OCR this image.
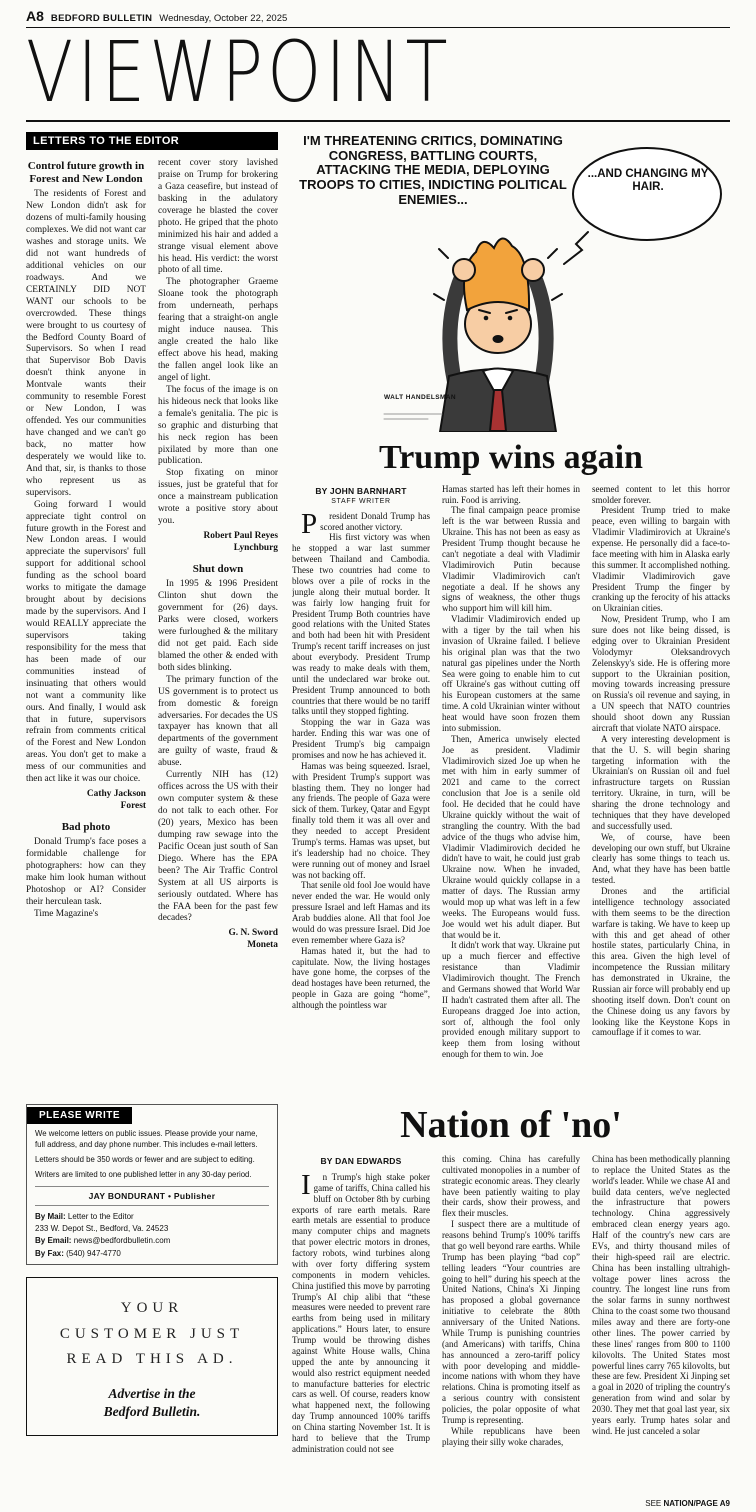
A8 BEDFORD BULLETIN Wednesday, October 22, 2025
VIEWPOINT
LETTERS TO THE EDITOR
Control future growth in Forest and New London

The residents of Forest and New London didn't ask for dozens of multi-family housing complexes. We did not want car washes and storage units. We did not want hundreds of additional vehicles on our roadways. And we CERTAINLY DID NOT WANT our schools to be overcrowded. These things were brought to us courtesy of the Bedford County Board of Supervisors. So when I read that Supervisor Bob Davis doesn't think anyone in Montvale wants their community to resemble Forest or New London, I was offended. Yes our communities have changed and we can't go back, no matter how desperately we would like to. And that, sir, is thanks to those who represent us as supervisors.

Going forward I would appreciate tight control on future growth in the Forest and New London areas. I would appreciate the supervisors' full support for additional school funding as the school board works to mitigate the damage brought about by decisions made by the supervisors. And I would REALLY appreciate the supervisors taking responsibility for the mess that has been made of our communities instead of insinuating that others would not want a community like ours. And finally, I would ask that in future, supervisors refrain from comments critical of the Forest and New London areas. You don't get to make a mess of our communities and then act like it was our choice.

Cathy Jackson
Forest
Bad photo

Donald Trump's face poses a formidable challenge for photographers: how can they make him look human without Photoshop or AI? Consider their herculean task.

Time Magazine's

recent cover story lavished praise on Trump for brokering a Gaza ceasefire, but instead of basking in the adulatory coverage he blasted the cover photo. He griped that the photo minimized his hair and added a strange visual element above his head. His verdict: the worst photo of all time.

The photographer Graeme Sloane took the photograph from underneath, perhaps fearing that a straight-on angle might induce nausea. This angle created the halo like effect above his head, making the fallen angel look like an angel of light.

The focus of the image is on his hideous neck that looks like a female's genitalia. The pic is so graphic and disturbing that his neck region has been pixilated by more than one publication.

Stop fixating on minor issues, just be grateful that for once a mainstream publication wrote a positive story about you.

Robert Paul Reyes
Lynchburg
Shut down

In 1995 & 1996 President Clinton shut down the government for (26) days. Parks were closed, workers were furloughed & the military did not get paid. Each side blamed the other & ended with both sides blinking.

The primary function of the US government is to protect us from domestic & foreign adversaries. For decades the US taxpayer has known that all departments of the government are guilty of waste, fraud & abuse.

Currently NIH has (12) offices across the US with their own computer system & these do not talk to each other. For (20) years, Mexico has been dumping raw sewage into the Pacific Ocean just south of San Diego. Where has the EPA been? The Air Traffic Control System at all US airports is seriously outdated. Where has the FAA been for the past few decades?

G. N. Sword
Moneta
I'M THREATENING CRITICS, DOMINATING CONGRESS, BATTLING COURTS, ATTACKING THE MEDIA, DEPLOYING TROOPS TO CITIES, INDICTING POLITICAL ENEMIES...
...AND CHANGING MY HAIR.
WALT HANDELSMAN
Trump wins again
BY JOHN BARNHART
STAFF WRITER

President Donald Trump has scored another victory.

His first victory was when he stopped a war last summer between Thailand and Cambodia. These two countries had come to blows over a pile of rocks in the jungle along their mutual border. It was fairly low hanging fruit for President Trump Both countries have good relations with the United States and both had been hit with President Trump's recent tariff increases on just about everybody. President Trump was ready to make deals with them, until the undeclared war broke out. President Trump announced to both countries that there would be no tariff talks until they stopped fighting.

Stopping the war in Gaza was harder. Ending this war was one of President Trump's big campaign promises and now he has achieved it.

Hamas was being squeezed. Israel, with President Trump's support was blasting them. They no longer had any friends. The people of Gaza were sick of them. Turkey, Qatar and Egypt finally told them it was all over and they needed to accept President Trump's terms. Hamas was upset, but it's leadership had no choice. They were running out of money and Israel was not backing off.

That senile old fool Joe would have never ended the war. He would only pressure Israel and left Hamas and its Arab buddies alone. All that fool Joe would do was pressure Israel. Did Joe even remember where Gaza is?

Hamas hated it, but the had to capitulate. Now, the living hostages have gone home, the corpses of the dead hostages have been returned, the people in Gaza are going “home”, although the pointless war

Hamas started has left their homes in ruin. Food is arriving.

The final campaign peace promise left is the war between Russia and Ukraine. This has not been as easy as President Trump thought because he can't negotiate a deal with Vladimir Vladimirovich Putin because Vladimir Vladimirovich can't negotiate a deal. If he shows any signs of weakness, the other thugs who support him will kill him.

Vladimir Vladimirovich ended up with a tiger by the tail when his invasion of Ukraine failed. I believe his original plan was that the two natural gas pipelines under the North Sea were going to enable him to cut off Ukraine's gas without cutting off his European customers at the same time. A cold Ukrainian winter without heat would have soon frozen them into submission.

Then, America unwisely elected Joe as president. Vladimir Vladimirovich sized Joe up when he met with him in early summer of 2021 and came to the correct conclusion that Joe is a senile old fool. He decided that he could have Ukraine quickly without the wait of strangling the country. With the bad advice of the thugs who advise him, Vladimir Vladimirovich decided he didn't have to wait, he could just grab Ukraine now. When he invaded, Ukraine would quickly collapse in a matter of days. The Russian army would mop up what was left in a few weeks. The Europeans would fuss. Joe would wet his adult diaper. But that would be it.

It didn't work that way. Ukraine put up a much fiercer and effective resistance than Vladimir Vladimirovich thought. The French and Germans showed that World War II hadn't castrated them after all. The Europeans dragged Joe into action, sort of, although the fool only provided enough military support to keep them from losing without enough for them to win. Joe

seemed content to let this horror smolder forever.

President Trump tried to make peace, even willing to bargain with Vladimir Vladimirovich at Ukraine's expense. He personally did a face-to-face meeting with him in Alaska early this summer. It accomplished nothing. Vladimir Vladimirovich gave President Trump the finger by cranking up the ferocity of his attacks on Ukrainian cities.

Now, President Trump, who I am sure does not like being dissed, is edging over to Ukrainian President Volodymyr Oleksandrovych Zelenskyy's side. He is offering more support to the Ukrainian position, moving towards increasing pressure on Russia's oil revenue and saying, in a UN speech that NATO countries should shoot down any Russian aircraft that violate NATO airspace.

A very interesting development is that the U. S. will begin sharing targeting information with the Ukrainian's on Russian oil and fuel infrastructure targets on Russian territory. Ukraine, in turn, will be sharing the drone technology and techniques that they have developed and successfully used.

We, of course, have been developing our own stuff, but Ukraine clearly has some things to teach us. And, what they have has been battle tested.

Drones and the artificial intelligence technology associated with them seems to be the direction warfare is taking. We have to keep up with this and get ahead of other hostile states, particularly China, in this area. Given the high level of incompetence the Russian military has demonstrated in Ukraine, the Russian air force will probably end up shooting itself down. Don't count on the Chinese doing us any favors by looking like the Keystone Kops in camouflage if it comes to war.

PLEASE WRITE

We welcome letters on public issues. Please provide your name, full address, and day phone number. This includes e-mail letters.

Letters should be 350 words or fewer and are subject to editing.

Writers are limited to one published letter in any 30-day period.

JAY BONDURANT • Publisher
By Mail: Letter to the Editor
233 W. Depot St., Bedford, Va. 24523
By Email: news@bedfordbulletin.com
By Fax: (540) 947-4770
YOUR
CUSTOMER JUST
READ THIS AD.
Advertise in the
Bedford Bulletin.
Nation of 'no'
BY DAN EDWARDS

In Trump's high stake poker game of tariffs, China called his bluff on October 8th by curbing exports of rare earth metals. Rare earth metals are essential to produce many computer chips and magnets that power electric motors in drones, factory robots, wind turbines along with over forty differing system components in modern vehicles. China justified this move by parroting Trump's AI chip alibi that “these measures were needed to prevent rare earths from being used in military applications.” Hours later, to ensure Trump would be throwing dishes against White House walls, China upped the ante by announcing it would also restrict equipment needed to manufacture batteries for electric cars as well. Of course, readers know what happened next, the following day Trump announced 100% tariffs on China starting November 1st. It is hard to believe that the Trump administration could not see

this coming. China has carefully cultivated monopolies in a number of strategic economic areas. They clearly have been patiently waiting to play their cards, show their prowess, and flex their muscles.

I suspect there are a multitude of reasons behind Trump's 100% tariffs that go well beyond rare earths. While Trump has been playing “bad cop” telling leaders “Your countries are going to hell” during his speech at the United Nations, China's Xi Jinping has proposed a global governance initiative to celebrate the 80th anniversary of the United Nations. While Trump is punishing countries (and Americans) with tariffs, China has announced a zero-tariff policy with poor developing and middle-income nations with whom they have relations. China is promoting itself as a serious country with consistent policies, the polar opposite of what Trump is representing.

While republicans have been playing their silly woke charades,

China has been methodically planning to replace the United States as the world's leader. While we chase AI and build data centers, we've neglected the infrastructure that powers technology. China aggressively embraced clean energy years ago. Half of the country's new cars are EVs, and thirty thousand miles of their high-speed rail are electric. China has been installing ultrahigh-voltage power lines across the country. The longest line runs from the solar farms in sunny northwest China to the coast some two thousand miles away and there are forty-one other lines. The power carried by these lines' ranges from 800 to 1100 kilovolts. The United States most powerful lines carry 765 kilovolts, but these are few. President Xi Jinping set a goal in 2020 of tripling the country's generation from wind and solar by 2030. They met that goal last year, six years early. Trump hates solar and wind. He just canceled a solar

SEE NATION/PAGE A9
